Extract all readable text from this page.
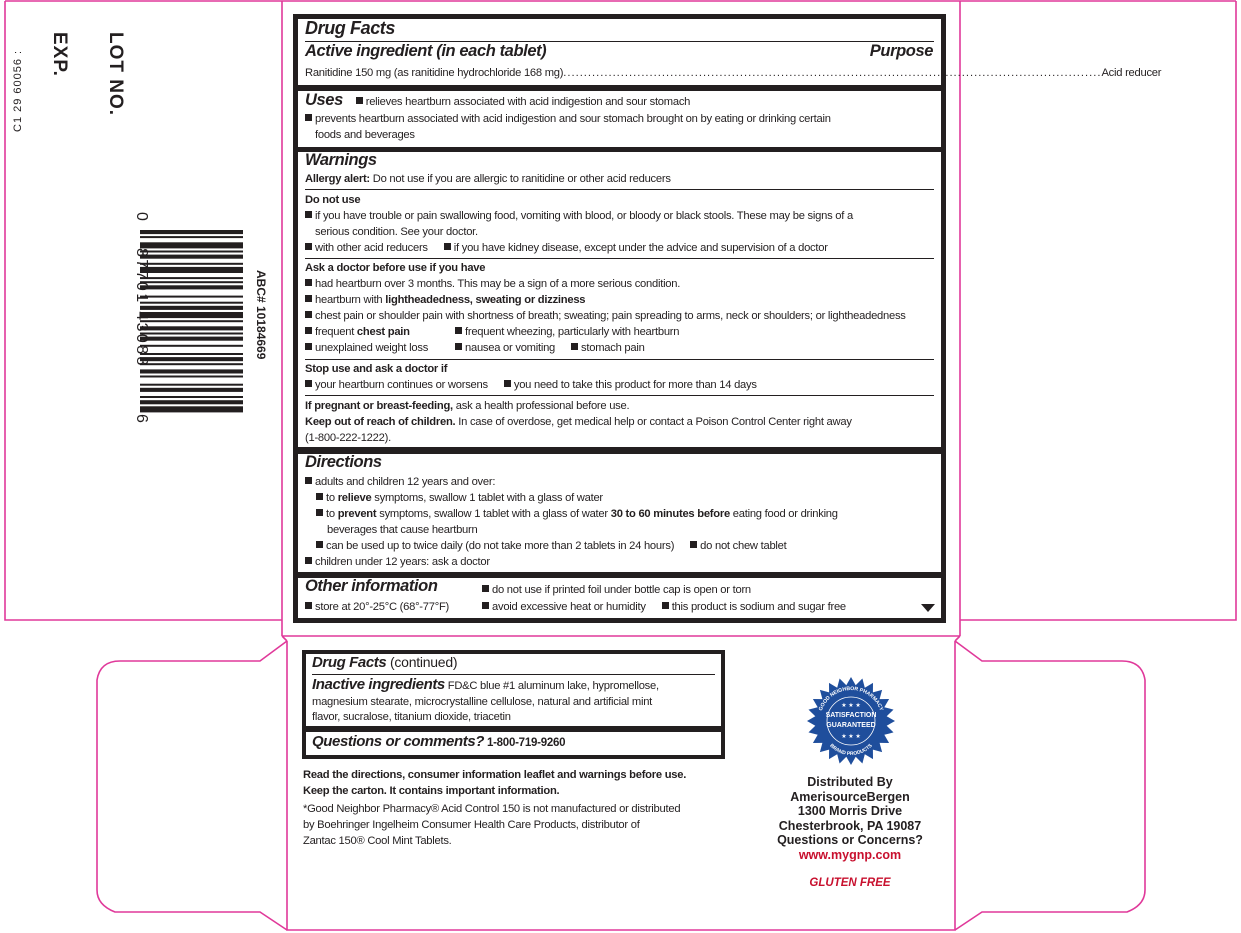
LOT NO.
EXP.
C1 29 60056 :
ABC# 10184669
0
87701 43088
6
Drug Facts
Active ingredient (in each tablet)	Purpose
Ranitidine 150 mg (as ranitidine hydrochloride 168 mg) ................................................................................................................................... Acid reducer
Uses relieves heartburn associated with acid indigestion and sour stomach
prevents heartburn associated with acid indigestion and sour stomach brought on by eating or drinking certain
foods and beverages
Warnings
Allergy alert: Do not use if you are allergic to ranitidine or other acid reducers
Do not use
if you have trouble or pain swallowing food, vomiting with blood, or bloody or black stools. These may be signs of a
serious condition. See your doctor.
with other acid reducers if you have kidney disease, except under the advice and supervision of a doctor
Ask a doctor before use if you have
had heartburn over 3 months. This may be a sign of a more serious condition.
heartburn with lightheadedness, sweating or dizziness
chest pain or shoulder pain with shortness of breath; sweating; pain spreading to arms, neck or shoulders; or lightheadedness
frequent chest pain	frequent wheezing, particularly with heartburn
unexplained weight loss	nausea or vomiting stomach pain
Stop use and ask a doctor if
your heartburn continues or worsens you need to take this product for more than 14 days
If pregnant or breast-feeding, ask a health professional before use.
Keep out of reach of children. In case of overdose, get medical help or contact a Poison Control Center right away
(1-800-222-1222).
Directions
adults and children 12 years and over:
to relieve symptoms, swallow 1 tablet with a glass of water
to prevent symptoms, swallow 1 tablet with a glass of water 30 to 60 minutes before eating food or drinking
beverages that cause heartburn
can be used up to twice daily (do not take more than 2 tablets in 24 hours) do not chew tablet
children under 12 years: ask a doctor
Other information	do not use if printed foil under bottle cap is open or torn
store at 20°-25°C (68°-77°F)	avoid excessive heat or humidity this product is sodium and sugar free
Drug Facts (continued)
Inactive ingredients FD&C blue #1 aluminum lake, hypromellose,
magnesium stearate, microcrystalline cellulose, natural and artificial mint
flavor, sucralose, titanium dioxide, triacetin
Questions or comments? 1-800-719-9260
Read the directions, consumer information leaflet and warnings before use.
Keep the carton. It contains important information.
*Good Neighbor Pharmacy® Acid Control 150 is not manufactured or distributed
by Boehringer Ingelheim Consumer Health Care Products, distributor of
Zantac 150® Cool Mint Tablets.
GOOD NEIGHBOR PHARMACY
BRAND PRODUCTS
SATISFACTION
GUARANTEED
★ ★ ★
★ ★ ★
Distributed By
AmerisourceBergen
1300 Morris Drive
Chesterbrook, PA 19087
Questions or Concerns?
www.mygnp.com
GLUTEN FREE
